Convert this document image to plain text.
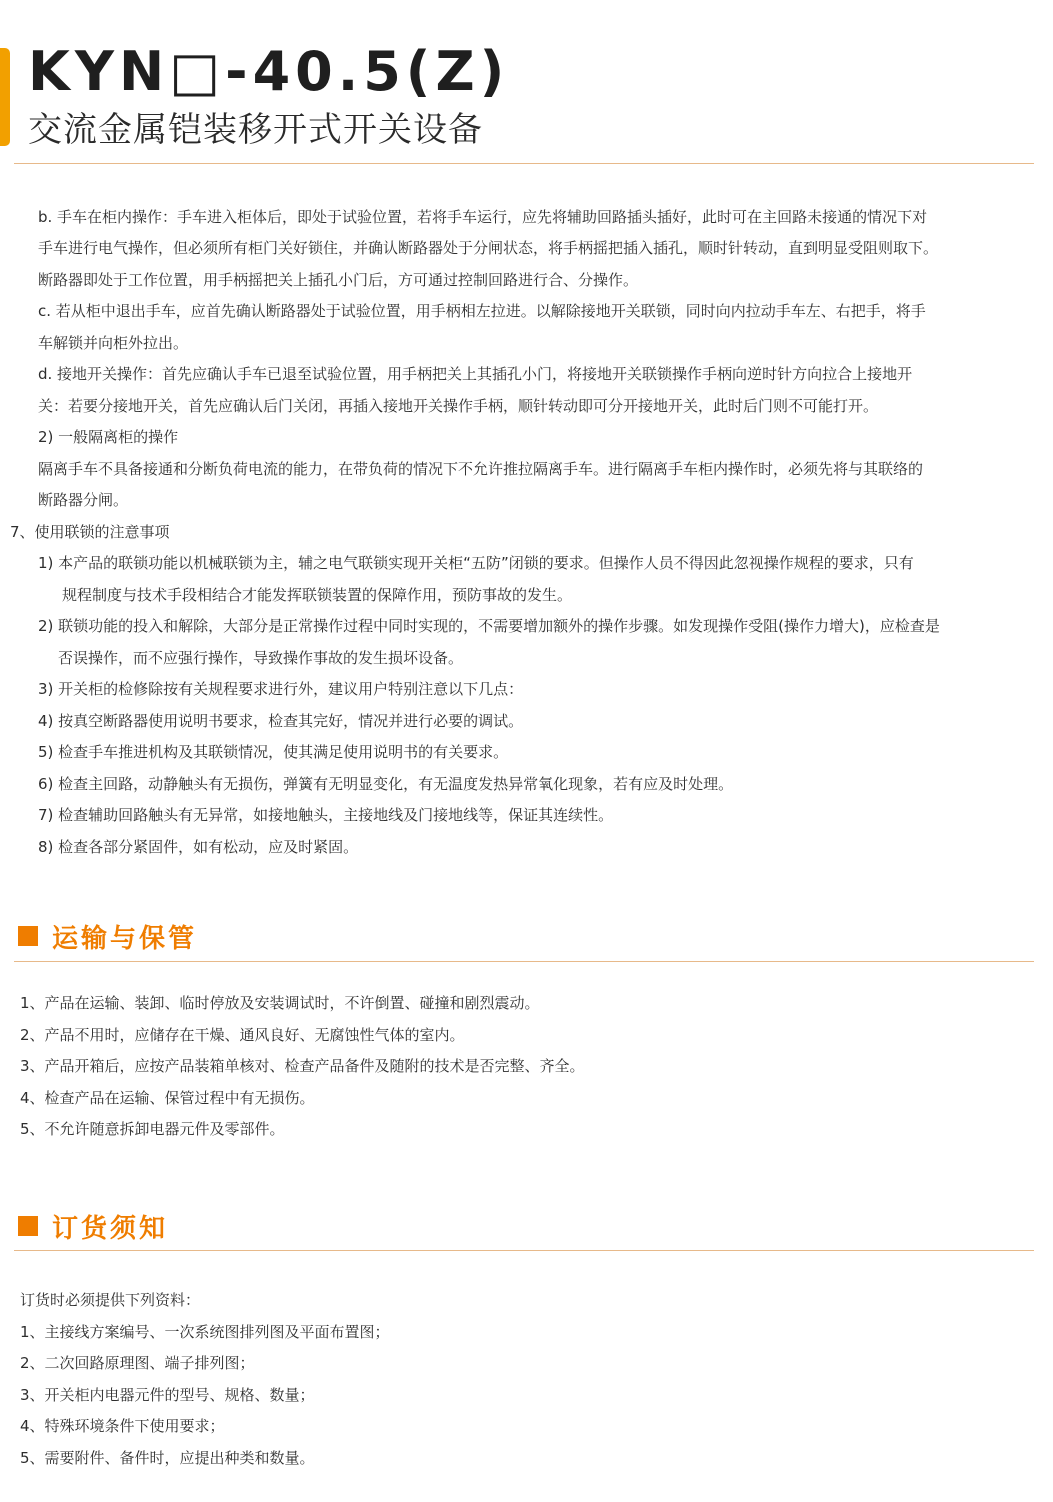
KYN□-40.5(Z)
交流金属铠装移开式开关设备
b. 手车在柜内操作：手车进入柜体后，即处于试验位置，若将手车运行，应先将辅助回路插头插好，此时可在主回路未接通的情况下对
手车进行电气操作，但必须所有柜门关好锁住，并确认断路器处于分闸状态，将手柄摇把插入插孔，顺时针转动，直到明显受阻则取下。
断路器即处于工作位置，用手柄摇把关上插孔小门后，方可通过控制回路进行合、分操作。
c. 若从柜中退出手车，应首先确认断路器处于试验位置，用手柄相左拉进。以解除接地开关联锁，同时向内拉动手车左、右把手，将手
车解锁并向柜外拉出。
d. 接地开关操作：首先应确认手车已退至试验位置，用手柄把关上其插孔小门，将接地开关联锁操作手柄向逆时针方向拉合上接地开
关：若要分接地开关，首先应确认后门关闭，再插入接地开关操作手柄，顺针转动即可分开接地开关，此时后门则不可能打开。
2) 一般隔离柜的操作
隔离手车不具备接通和分断负荷电流的能力，在带负荷的情况下不允许推拉隔离手车。进行隔离手车柜内操作时，必须先将与其联络的
断路器分闸。
7、使用联锁的注意事项
1) 本产品的联锁功能以机械联锁为主，辅之电气联锁实现开关柜“五防”闭锁的要求。但操作人员不得因此忽视操作规程的要求，只有
规程制度与技术手段相结合才能发挥联锁装置的保障作用，预防事故的发生。
2) 联锁功能的投入和解除，大部分是正常操作过程中同时实现的，不需要增加额外的操作步骤。如发现操作受阻(操作力增大)，应检查是
否误操作，而不应强行操作，导致操作事故的发生损坏设备。
3) 开关柜的检修除按有关规程要求进行外，建议用户特别注意以下几点：
4) 按真空断路器使用说明书要求，检查其完好，情况并进行必要的调试。
5) 检查手车推进机构及其联锁情况，使其满足使用说明书的有关要求。
6) 检查主回路，动静触头有无损伤，弹簧有无明显变化，有无温度发热异常氧化现象，若有应及时处理。
7) 检查辅助回路触头有无异常，如接地触头，主接地线及门接地线等，保证其连续性。
8) 检查各部分紧固件，如有松动，应及时紧固。
运输与保管
1、产品在运输、装卸、临时停放及安装调试时，不许倒置、碰撞和剧烈震动。
2、产品不用时，应储存在干燥、通风良好、无腐蚀性气体的室内。
3、产品开箱后，应按产品装箱单核对、检查产品备件及随附的技术是否完整、齐全。
4、检查产品在运输、保管过程中有无损伤。
5、不允许随意拆卸电器元件及零部件。
订货须知
订货时必须提供下列资料：
1、主接线方案编号、一次系统图排列图及平面布置图；
2、二次回路原理图、端子排列图；
3、开关柜内电器元件的型号、规格、数量；
4、特殊环境条件下使用要求；
5、需要附件、备件时，应提出种类和数量。
